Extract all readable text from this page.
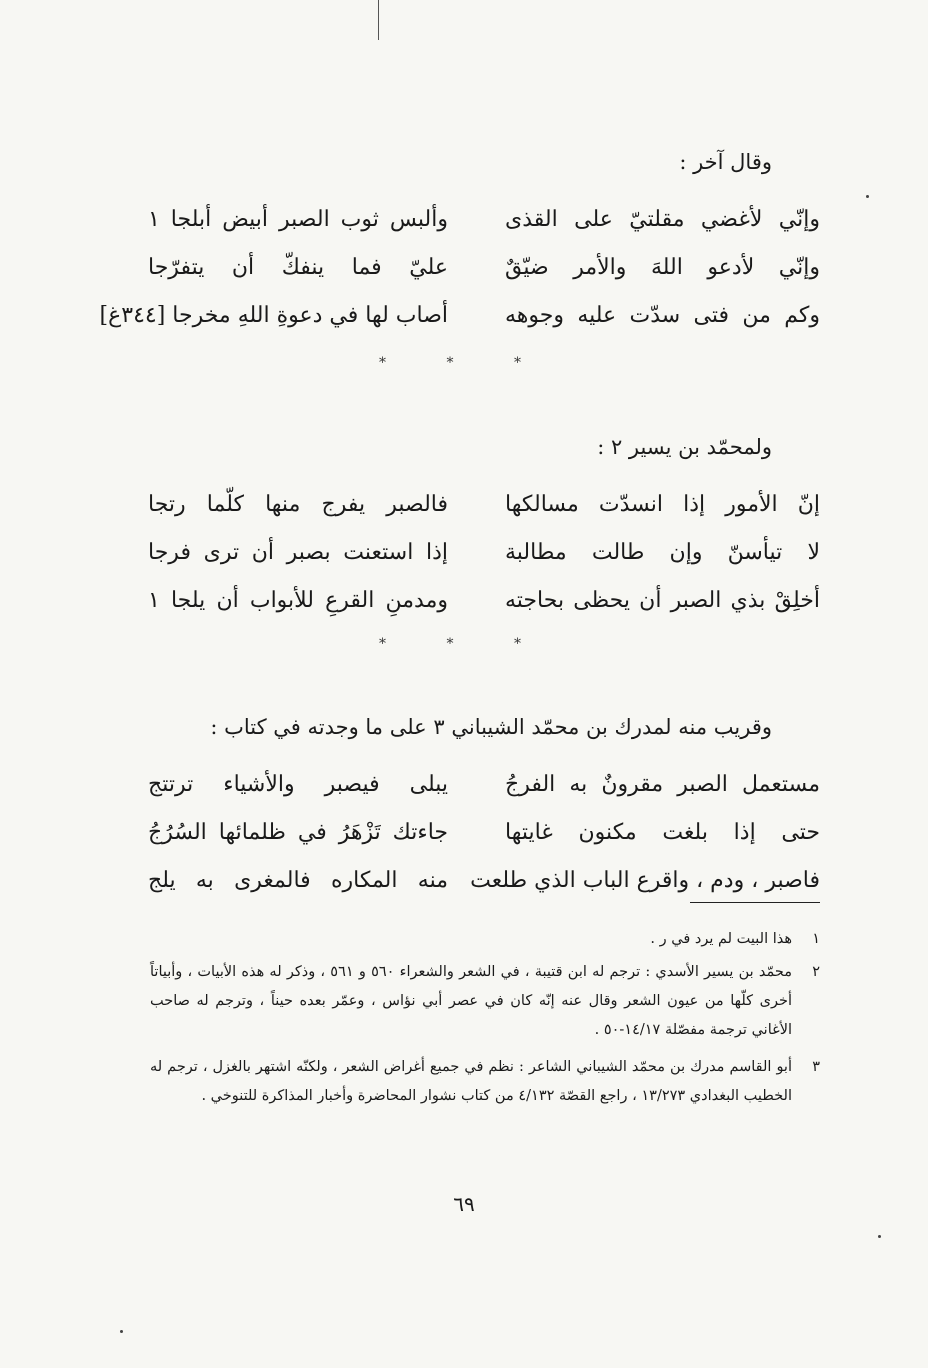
وقال آخر :
وإنّي لأغضي مقلتيّ على القذى
وألبس ثوب الصبر أبيض أبلجا ١
وإنّي لأدعو اللهَ والأمر ضيّقٌ
عليّ فما ينفكّ أن يتفرّجا
وكم من فتى سدّت عليه وجوهه
أصاب لها في دعوةِ اللهِ مخرجا [٣٤٤غ]
* * *
ولمحمّد بن يسير ٢ :
إنّ الأمور إذا انسدّت مسالكها
فالصبر يفرج منها كلّما رتجا
لا تيأسنّ وإن طالت مطالبة
إذا استعنت بصبر أن ترى فرجا
أخلِقْ بذي الصبر أن يحظى بحاجته
ومدمنِ القرعِ للأبواب أن يلجا ١
* * *
وقريب منه لمدرك بن محمّد الشيباني ٣ على ما وجدته في كتاب :
مستعمل الصبر مقرونٌ به الفرجُ
يبلى فيصبر والأشياء ترتتج
حتى إذا بلغت مكنون غايتها
جاءتك تَزْهَرُ في ظلمائها السُرُجُ
فاصبر ، ودم ، واقرع الباب الذي طلعت
منه المكاره فالمغرى به يلج
١
هذا البيت لم يرد في ر .
٢
محمّد بن يسير الأسدي : ترجم له ابن قتيبة ، في الشعر والشعراء ٥٦٠ و ٥٦١ ، وذكر له هذه الأبيات ، وأبياتاً أخرى كلّها من عيون الشعر وقال عنه إنّه كان في عصر أبي نؤاس ، وعمّر بعده حيناً ، وترجم له صاحب الأغاني ترجمة مفصّلة ١٤/١٧-٥٠ .
٣
أبو القاسم مدرك بن محمّد الشيباني الشاعر : نظم في جميع أغراض الشعر ، ولكنّه اشتهر بالغزل ، ترجم له الخطيب البغدادي ١٣/٢٧٣ ، راجع القصّة ٤/١٣٢ من كتاب نشوار المحاضرة وأخبار المذاكرة للتنوخي .
٦٩
